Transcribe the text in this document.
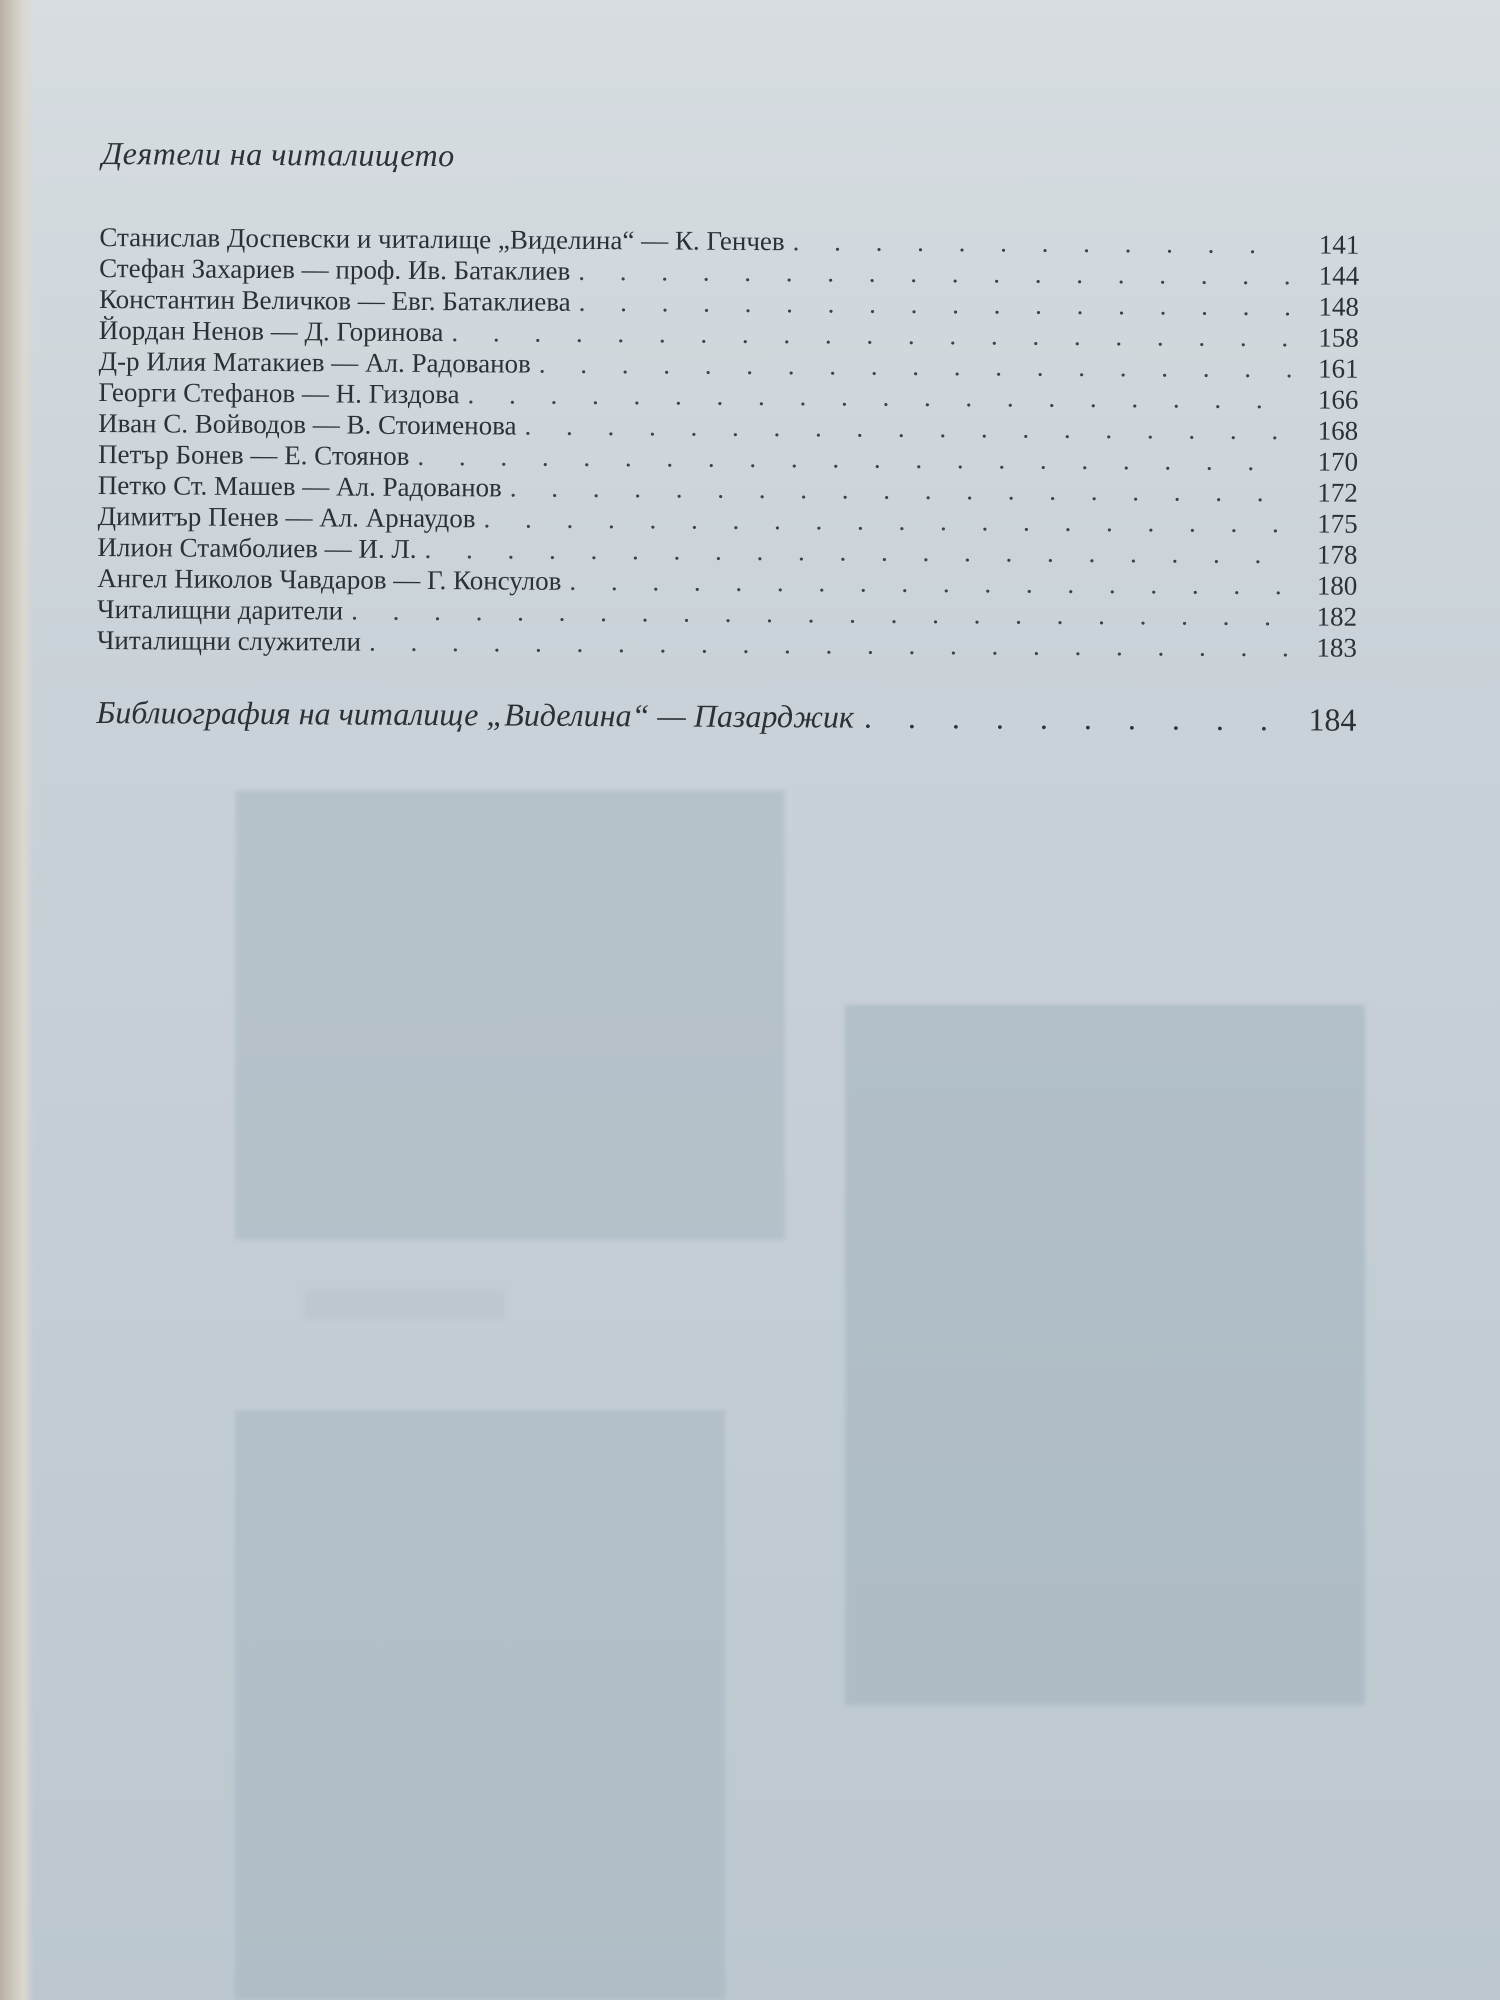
Деятели на читалището
Станислав Доспевски и читалище „Виделина“ — К. Генчев . . .	141
Стефан Захариев — проф. Ив. Батаклиев . . .	144
Константин Величков — Евг. Батаклиева . . .	148
Йордан Ненов — Д. Горинова . . .	158
Д-р Илия Матакиев — Ал. Радованов . . .	161
Георги Стефанов — Н. Гиздова . . .	166
Иван С. Войводов — В. Стоименова . . .	168
Петър Бонев — Е. Стоянов . . .	170
Петко Ст. Машев — Ал. Радованов . . .	172
Димитър Пенев — Ал. Арнаудов . . .	175
Илион Стамболиев — И. Л. . . .	178
Ангел Николов Чавдаров — Г. Консулов . . .	180
Читалищни дарители . . .	182
Читалищни служители . . .	183
Библиография на читалище „Виделина“ — Пазарджик . . .	184
